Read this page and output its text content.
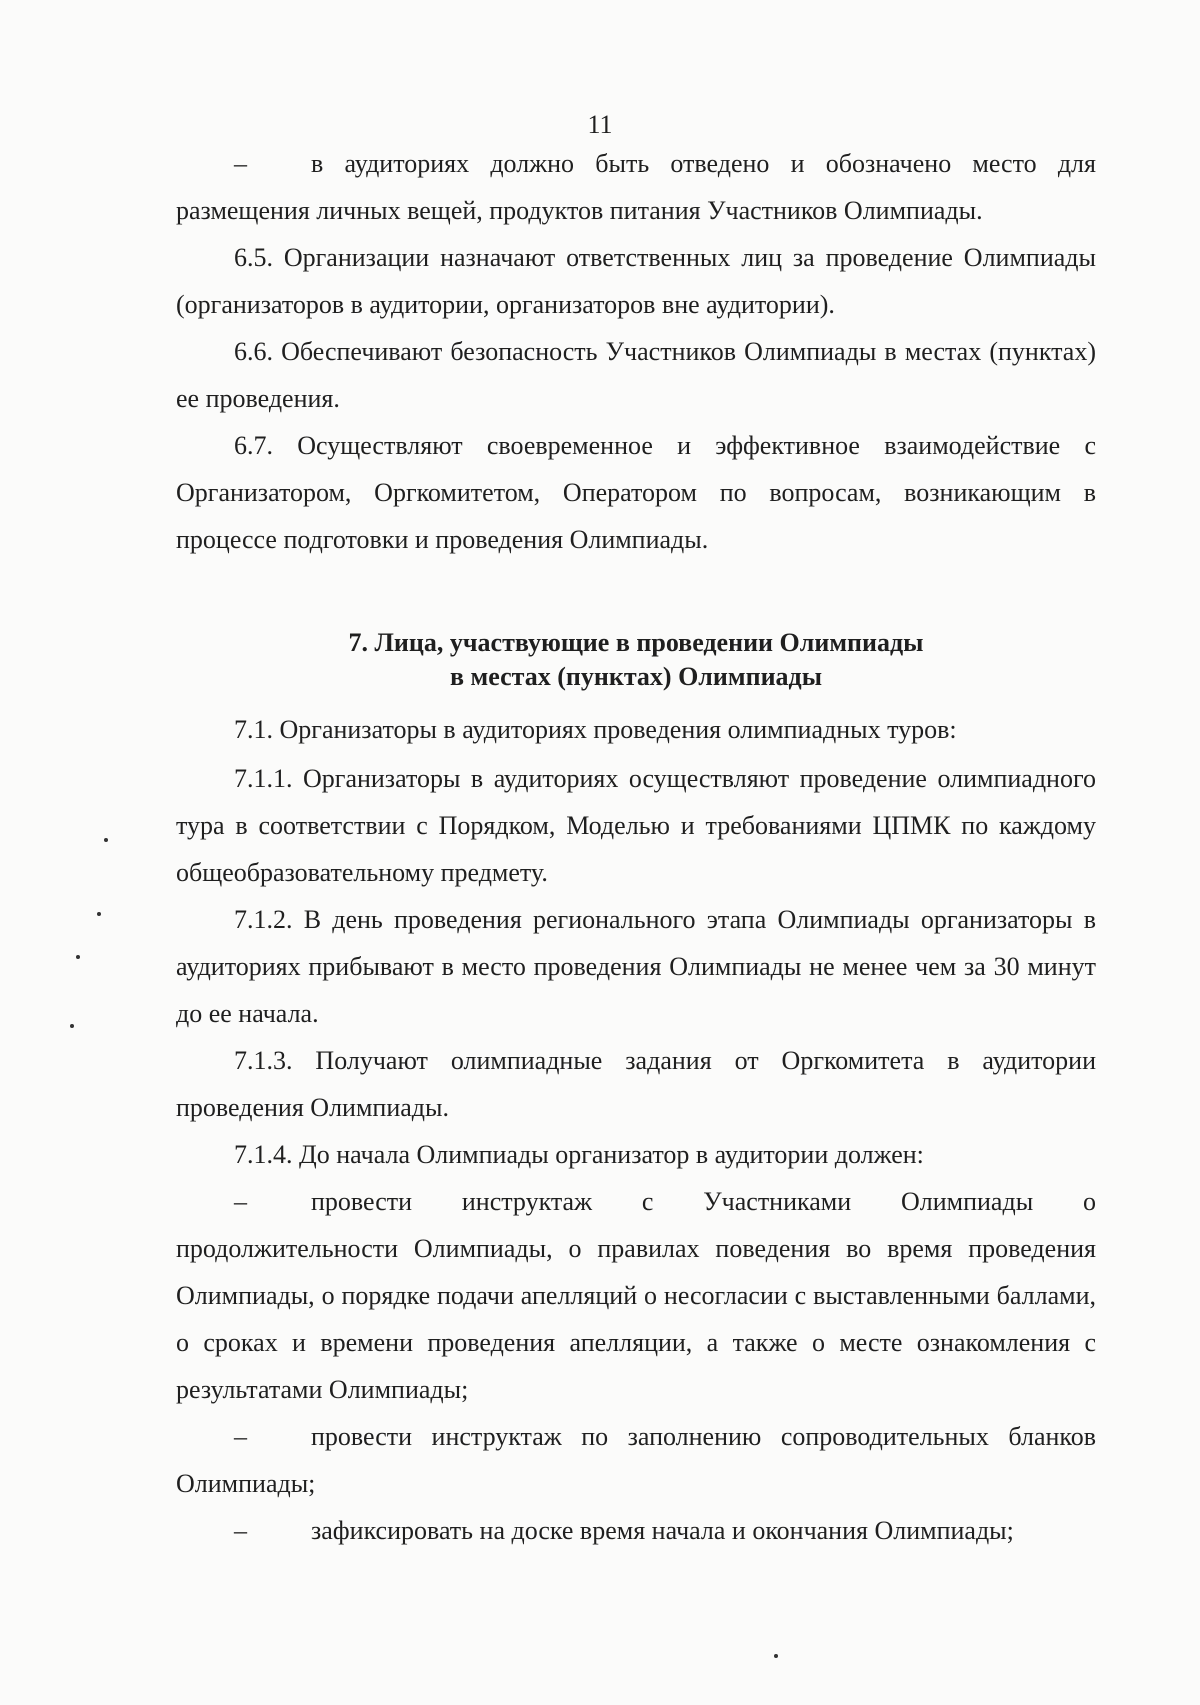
11
– в аудиториях должно быть отведено и обозначено место для размещения личных вещей, продуктов питания Участников Олимпиады.
6.5. Организации назначают ответственных лиц за проведение Олимпиады (организаторов в аудитории, организаторов вне аудитории).
6.6. Обеспечивают безопасность Участников Олимпиады в местах (пунктах) ее проведения.
6.7. Осуществляют своевременное и эффективное взаимодействие с Организатором, Оргкомитетом, Оператором по вопросам, возникающим в процессе подготовки и проведения Олимпиады.
7. Лица, участвующие в проведении Олимпиады
в местах (пунктах) Олимпиады
7.1. Организаторы в аудиториях проведения олимпиадных туров:
7.1.1. Организаторы в аудиториях осуществляют проведение олимпиадного тура в соответствии с Порядком, Моделью и требованиями ЦПМК по каждому общеобразовательному предмету.
7.1.2. В день проведения регионального этапа Олимпиады организаторы в аудиториях прибывают в место проведения Олимпиады не менее чем за 30 минут до ее начала.
7.1.3. Получают олимпиадные задания от Оргкомитета в аудитории проведения Олимпиады.
7.1.4. До начала Олимпиады организатор в аудитории должен:
– провести инструктаж с Участниками Олимпиады о продолжительности Олимпиады, о правилах поведения во время проведения Олимпиады, о порядке подачи апелляций о несогласии с выставленными баллами, о сроках и времени проведения апелляции, а также о месте ознакомления с результатами Олимпиады;
– провести инструктаж по заполнению сопроводительных бланков Олимпиады;
– зафиксировать на доске время начала и окончания Олимпиады;
